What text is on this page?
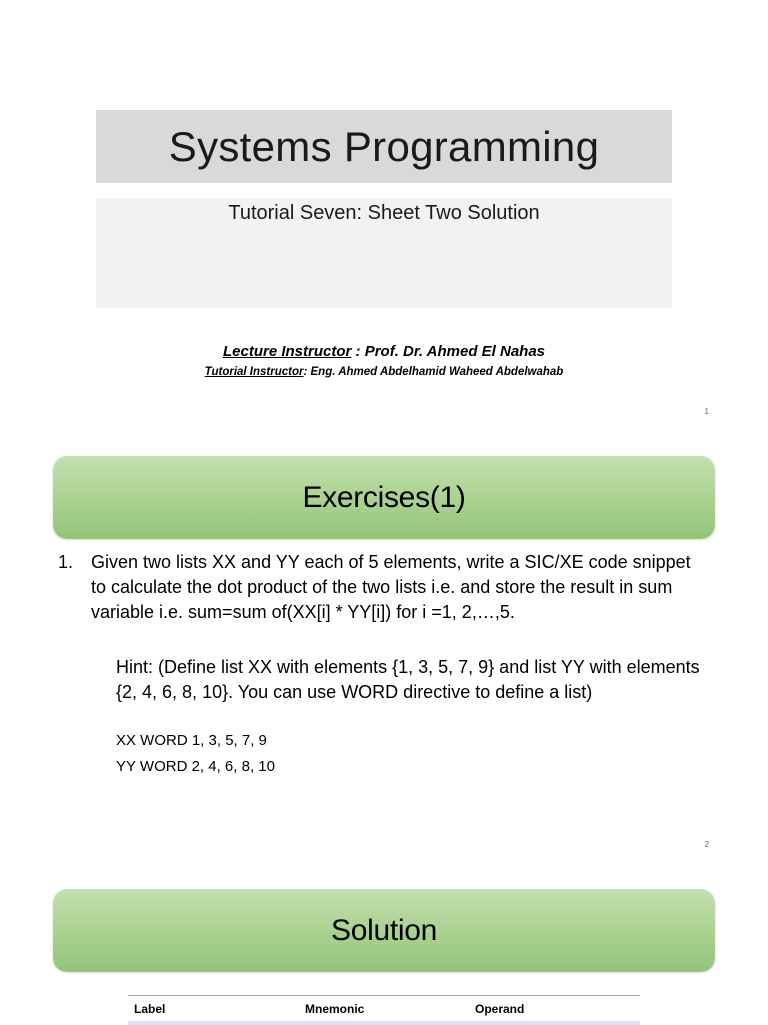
Systems Programming
Tutorial Seven: Sheet Two Solution
Lecture Instructor : Prof. Dr. Ahmed El Nahas
Tutorial Instructor: Eng. Ahmed Abdelhamid Waheed Abdelwahab
1
Exercises(1)
1. Given two lists XX and YY each of 5 elements, write a SIC/XE code snippet to calculate the dot product of the two lists i.e. and store the result in sum variable i.e. sum=sum of(XX[i] * YY[i]) for i =1, 2,…,5.
Hint: (Define list XX with elements {1, 3, 5, 7, 9} and list YY with elements {2, 4, 6, 8, 10}. You can use WORD directive to define a list)
XX WORD 1, 3, 5, 7, 9
YY WORD 2, 4, 6, 8, 10
2
Solution
Label	Mnemonic	Operand
